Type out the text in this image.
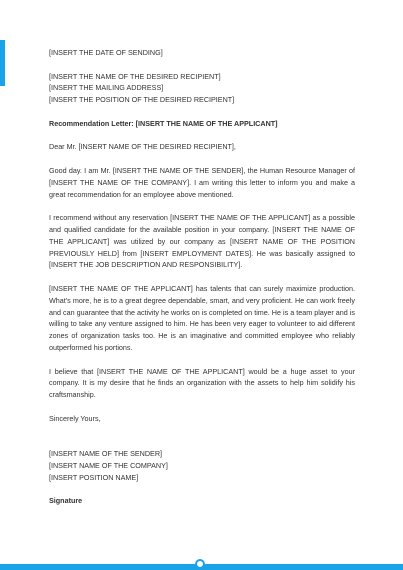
[INSERT THE DATE OF SENDING]

[INSERT THE NAME OF THE DESIRED RECIPIENT]

[INSERT THE MAILING ADDRESS]

[INSERT THE POSITION OF THE DESIRED RECIPIENT]

Recommendation Letter: [INSERT THE NAME OF THE APPLICANT]

Dear Mr. [INSERT NAME OF THE DESIRED RECIPIENT],

Good day. I am Mr. [INSERT THE NAME OF THE SENDER], the Human Resource Manager of [INSERT THE NAME OF THE COMPANY]. I am writing this letter to inform you and make a great recommendation for an employee above mentioned.

I recommend without any reservation [INSERT THE NAME OF THE APPLICANT] as a possible and qualified candidate for the available position in your company. [INSERT THE NAME OF THE APPLICANT] was utilized by our company as [INSERT NAME OF THE POSITION PREVIOUSLY HELD] from [INSERT EMPLOYMENT DATES]. He was basically assigned to [INSERT THE JOB DESCRIPTION AND RESPONSIBILITY].

[INSERT THE NAME OF THE APPLICANT] has talents that can surely maximize production. What's more, he is to a great degree dependable, smart, and very proficient. He can work freely and can guarantee that the activity he works on is completed on time. He is a team player and is willing to take any venture assigned to him. He has been very eager to volunteer to aid different zones of organization tasks too. He is an imaginative and committed employee who reliably outperformed his portions.

I believe that [INSERT THE NAME OF THE APPLICANT] would be a huge asset to your company. It is my desire that he finds an organization with the assets to help him solidify his craftsmanship.

Sincerely Yours,

[INSERT NAME OF THE SENDER]

[INSERT NAME OF THE COMPANY]

[INSERT POSITION NAME]

Signature
